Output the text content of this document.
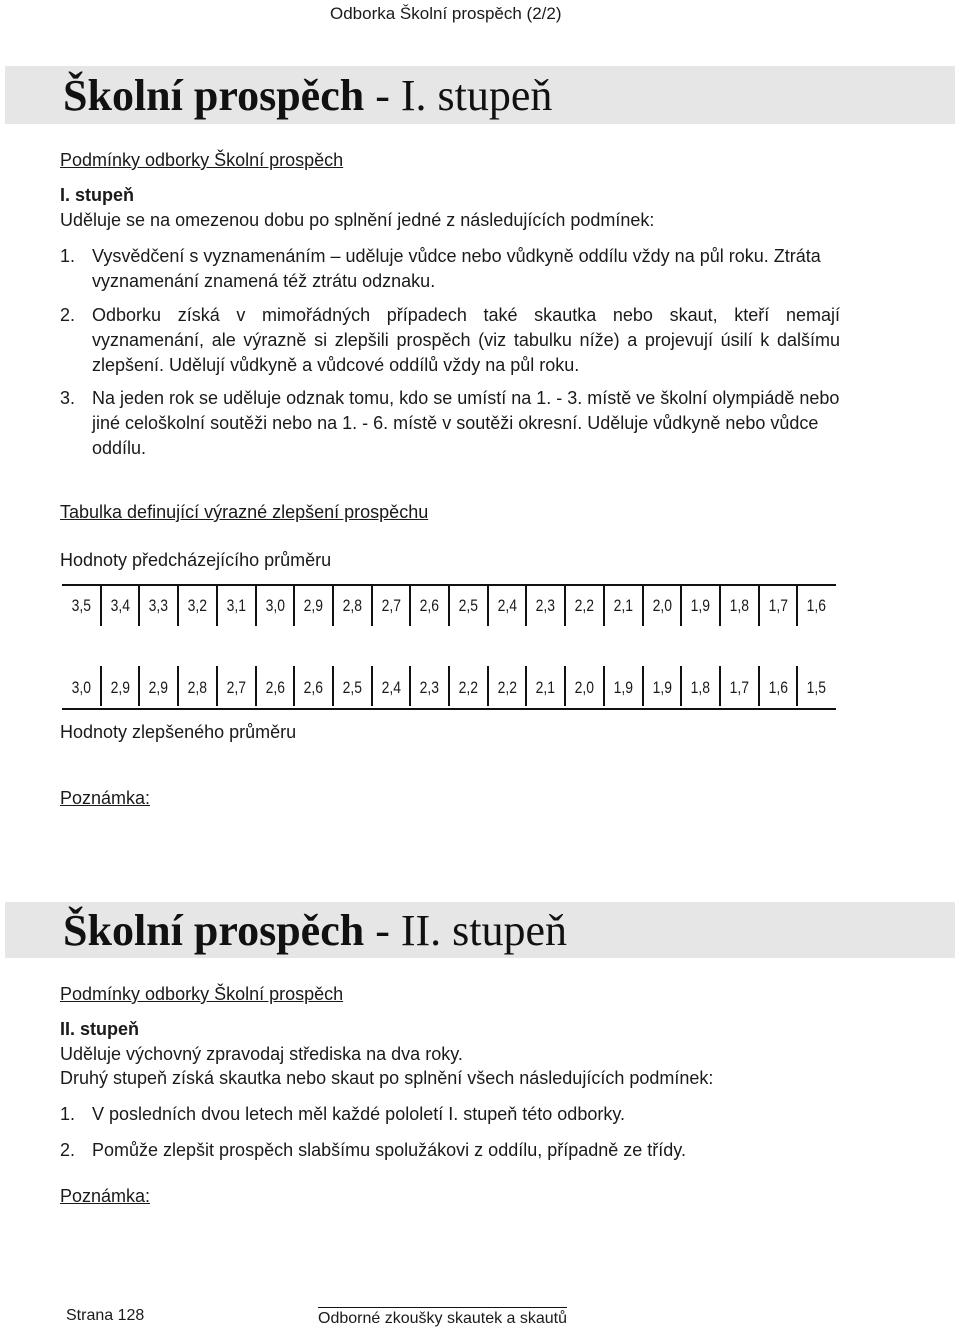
Odborka Školní prospěch (2/2)
Školní prospěch - I. stupeň
Podmínky odborky Školní prospěch
I. stupeň
Uděluje se na omezenou dobu po splnění jedné z následujících podmínek:
1. Vysvědčení s vyznamenáním – uděluje vůdce nebo vůdkyně oddílu vždy na půl roku. Ztráta vyznamenání znamená též ztrátu odznaku.
2. Odborku získá v mimořádných případech také skautka nebo skaut, kteří nemají vyznamenání, ale výrazně si zlepšili prospěch (viz tabulku níže) a projevují úsilí k dalšímu zlepšení. Udělují vůdkyně a vůdcové oddílů vždy na půl roku.
3. Na jeden rok se uděluje odznak tomu, kdo se umístí na 1. - 3. místě ve školní olympiádě nebo jiné celoškolní soutěži nebo na 1. - 6. místě v soutěži okresní. Uděluje vůdkyně nebo vůdce oddílu.
Tabulka definující výrazné zlepšení prospěchu
Hodnoty předcházejícího průměru
3,5	3,4	3,3	3,2	3,1	3,0	2,9	2,8	2,7	2,6	2,5	2,4	2,3	2,2	2,1	2,0	1,9	1,8	1,7	1,6
3,0	2,9	2,9	2,8	2,7	2,6	2,6	2,5	2,4	2,3	2,2	2,2	2,1	2,0	1,9	1,9	1,8	1,7	1,6	1,5
Hodnoty zlepšeného průměru
Poznámka:
Školní prospěch - II. stupeň
Podmínky odborky Školní prospěch
II. stupeň
Uděluje výchovný zpravodaj střediska na dva roky.
Druhý stupeň získá skautka nebo skaut po splnění všech následujících podmínek:
1. V posledních dvou letech měl každé pololetí I. stupeň této odborky.
2. Pomůže zlepšit prospěch slabšímu spolužákovi z oddílu, případně ze třídy.
Poznámka:
Strana 128	Odborné zkoušky skautek a skautů
